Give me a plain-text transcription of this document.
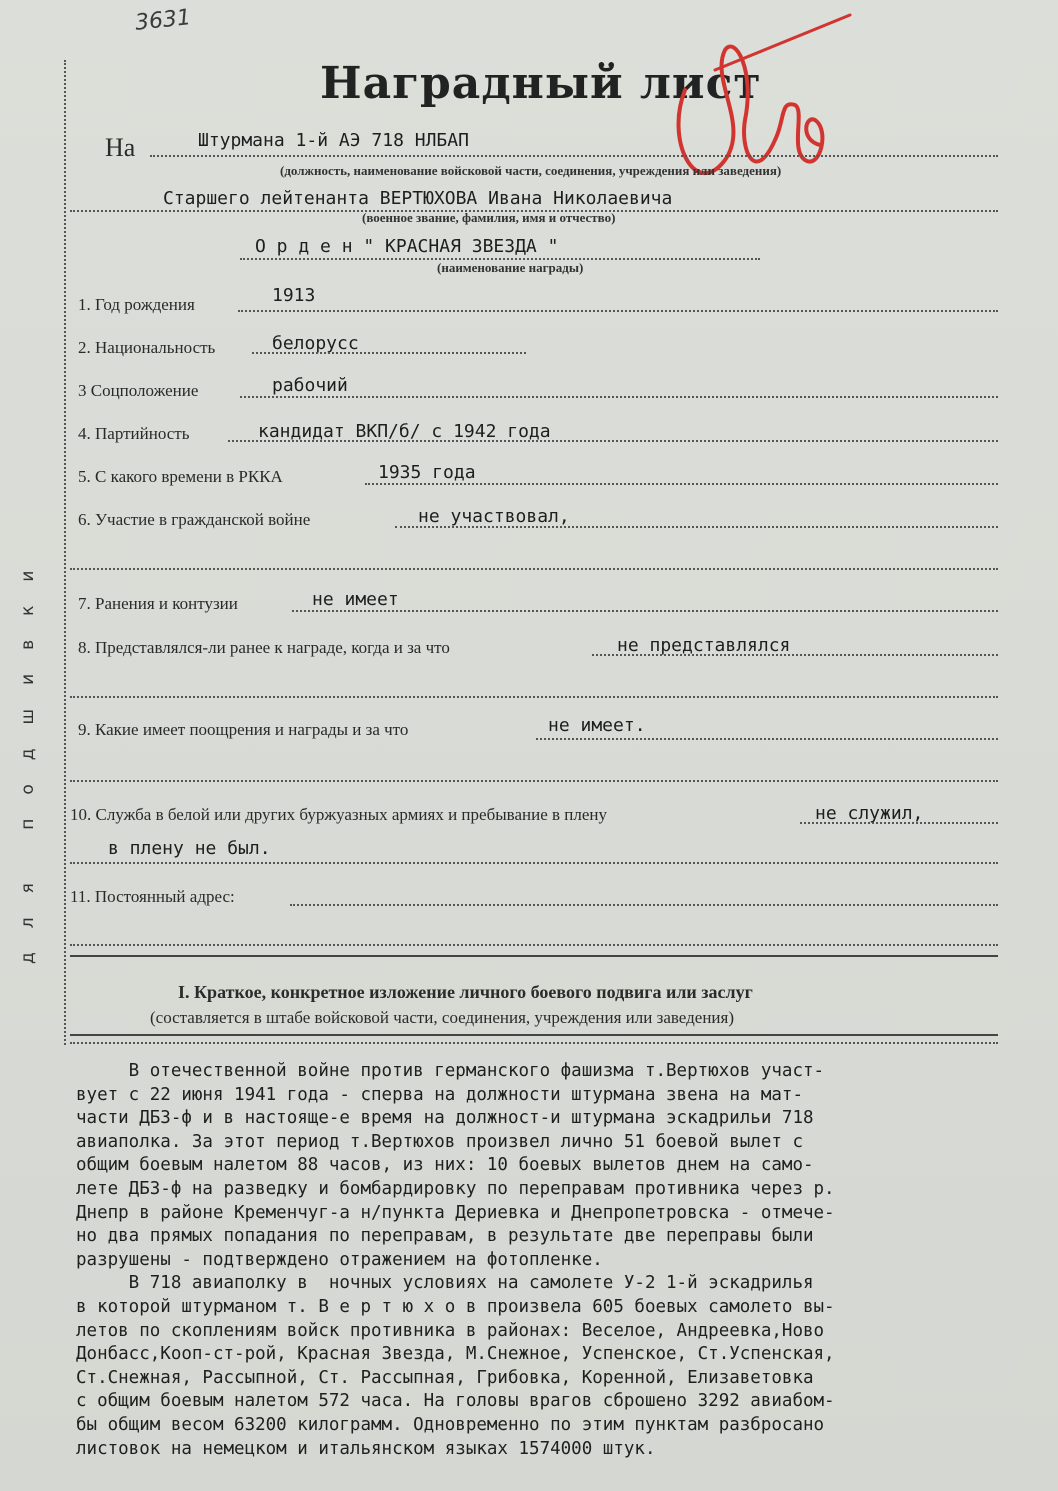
3631
для подшивки
Наградный лист
На	Штурмана 1-й АЭ 718 НЛБАП
(должность, наименование войсковой части, соединения, учреждения или заведения)
Старшего лейтенанта ВЕРТЮХОВА Ивана Николаевича
(военное звание, фамилия, имя и отчество)
О р д е н " КРАСНАЯ ЗВЕЗДА "
(наименование награды)
1. Год рождения	1913
2. Национальность	белорусс
3 Соцположение	рабочий
4. Партийность	кандидат ВКП/б/ с 1942 года
5. С какого времени в РККА	1935 года
6. Участие в гражданской войне	не участвовал,
7. Ранения и контузии	не имеет
8. Представлялся-ли ранее к награде, когда и за что	не представлялся
9. Какие имеет поощрения и награды и за что	не имеет.
10. Служба в белой или других буржуазных армиях и пребывание в плену	не служил,
в плену не был.
11. Постоянный адрес:
I. Краткое, конкретное изложение личного боевого подвига или заслуг
(составляется в штабе войсковой части, соединения, учреждения или заведения)

В отечественной войне против германского фашизма т.Вертюхов участ-

вует с 22 июня 1941 года - сперва на должности штурмана звена на мат-

части ДБ3-ф и в настояще-е время на должност-и штурмана эскадрильи 718

авиаполка. За этот период т.Вертюхов произвел лично 51 боевой вылет с

общим боевым налетом 88 часов, из них: 10 боевых вылетов днем на само-

лете ДБ3-ф на разведку и бомбардировку по переправам противника через р.

Днепр в районе Кременчуг-а н/пункта Дериевка и Днепропетровска - отмече-

но два прямых попадания по переправам, в результате две переправы были

разрушены - подтверждено отражением на фотопленке.

В 718 авиаполку в  ночных условиях на самолете У-2 1-й эскадрилья

в которой штурманом т. В е р т ю х о в произвела 605 боевых самолето вы-

летов по скоплениям войск противника в районах: Веселое, Андреевка,Ново

Донбасс,Кооп-ст-рой, Красная Звезда, М.Снежное, Успенское, Ст.Успенская,

Ст.Снежная, Рассыпной, Ст. Рассыпная, Грибовка, Коренной, Елизаветовка

с общим боевым налетом 572 часа. На головы врагов сброшено 3292 авиабом-

бы общим весом 63200 килограмм. Одновременно по этим пунктам разбросано

листовок на немецком и итальянском языках 1574000 штук.
